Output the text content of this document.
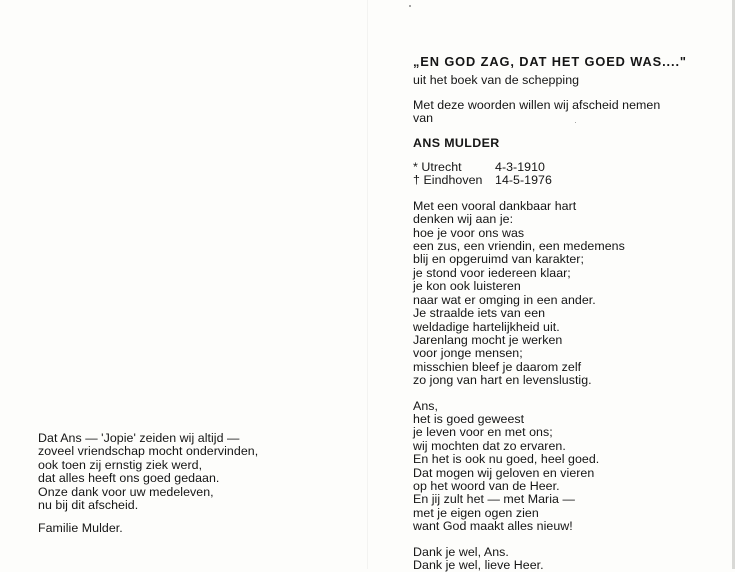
Dat Ans — 'Jopie' zeiden wij altijd —
zoveel vriendschap mocht ondervinden,
ook toen zij ernstig ziek werd,
dat alles heeft ons goed gedaan.
Onze dank voor uw medeleven,
nu bij dit afscheid.
Familie Mulder.
„EN GOD ZAG, DAT HET GOED WAS...."
uit het boek van de schepping
Met deze woorden willen wij afscheid nemen
van
ANS MULDER
* Utrecht	4-3-1910
† Eindhoven 14-5-1976
Met een vooral dankbaar hart
denken wij aan je:
hoe je voor ons was
een zus, een vriendin, een medemens
blij en opgeruimd van karakter;
je stond voor iedereen klaar;
je kon ook luisteren
naar wat er omging in een ander.
Je straalde iets van een
weldadige hartelijkheid uit.
Jarenlang mocht je werken
voor jonge mensen;
misschien bleef je daarom zelf
zo jong van hart en levenslustig.
Ans,
het is goed geweest
je leven voor en met ons;
wij mochten dat zo ervaren.
En het is ook nu goed, heel goed.
Dat mogen wij geloven en vieren
op het woord van de Heer.
En jij zult het — met Maria —
met je eigen ogen zien
want God maakt alles nieuw!
Dank je wel, Ans.
Dank je wel, lieve Heer.
